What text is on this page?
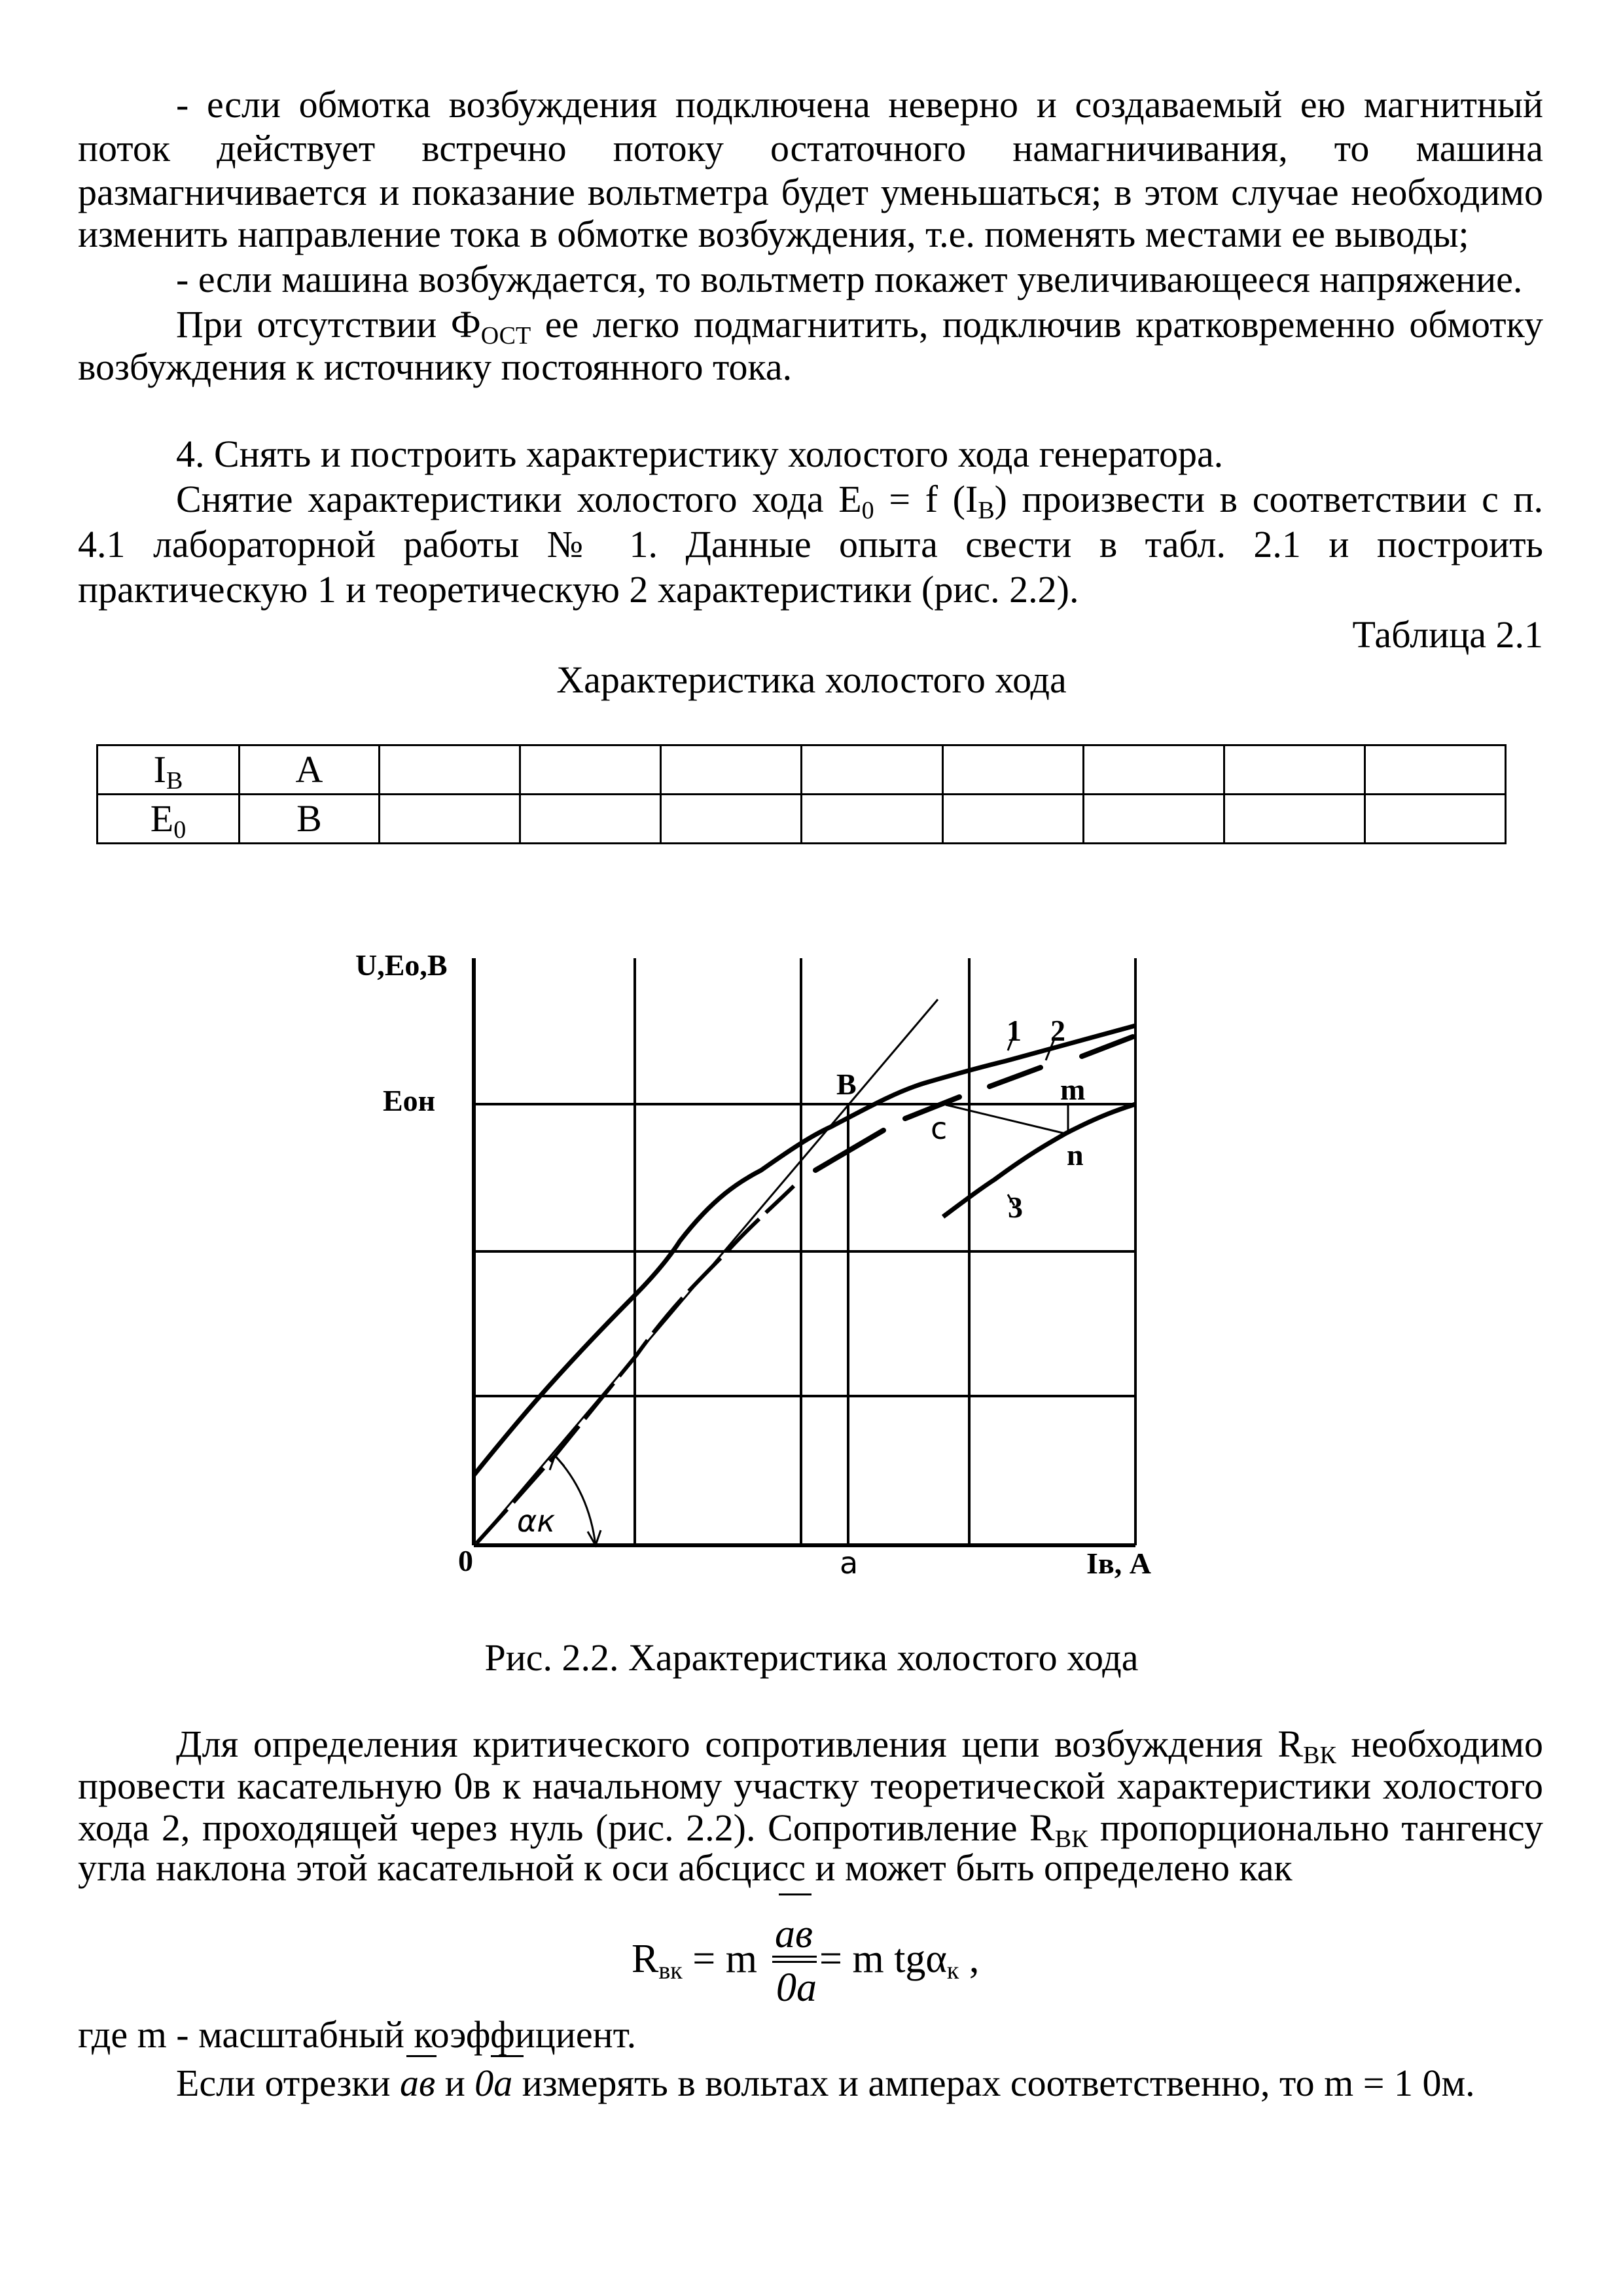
- если обмотка возбуждения подключена неверно и создаваемый ею магнитный
поток действует встречно потоку остаточного намагничивания, то машина
размагничивается и показание вольтметра будет уменьшаться; в этом случае необходимо
изменить направление тока в обмотке возбуждения, т.е. поменять местами ее выводы;
- если машина возбуждается, то вольтметр покажет увеличивающееся напряжение.
При отсутствии $Ф_{ОСТ}$ ее легко подмагнитить, подключив кратковременно обмотку
возбуждения к источнику постоянного тока.
4. Снять и построить характеристику холостого хода генератора.
Снятие характеристики холостого хода $E_0 = f$ $(I_В)$ произвести в соответствии с п.
4.1 лабораторной работы № 1. Данные опыта свести в табл. 2.1 и построить
практическую 1 и теоретическую 2 характеристики (рис. 2.2).
Таблица 2.1
Характеристика холостого хода
$I_В$	А								
$E_0$	В								
U,Eo,B
Eон
0	a	Iв, A
B
c
m
n
1 2
3
αк
Рис. 2.2. Характеристика холостого хода
Для определения критического сопротивления цепи возбуждения $R_{ВК}$ необходимо
провести касательную 0в к начальному участку теоретической характеристики холостого
хода 2, проходящей через нуль (рис. 2.2). Сопротивление $R_{ВК}$ пропорционально тангенсу
угла наклона этой касательной к оси абсцисс и может быть определено как
$R_{вк} = m$
aв
0a
= m tgα$_к$ ,
где m - масштабный коэффициент.
Если отрезки aв и 0a измерять в вольтах и амперах соответственно, то m = 1 0м.
